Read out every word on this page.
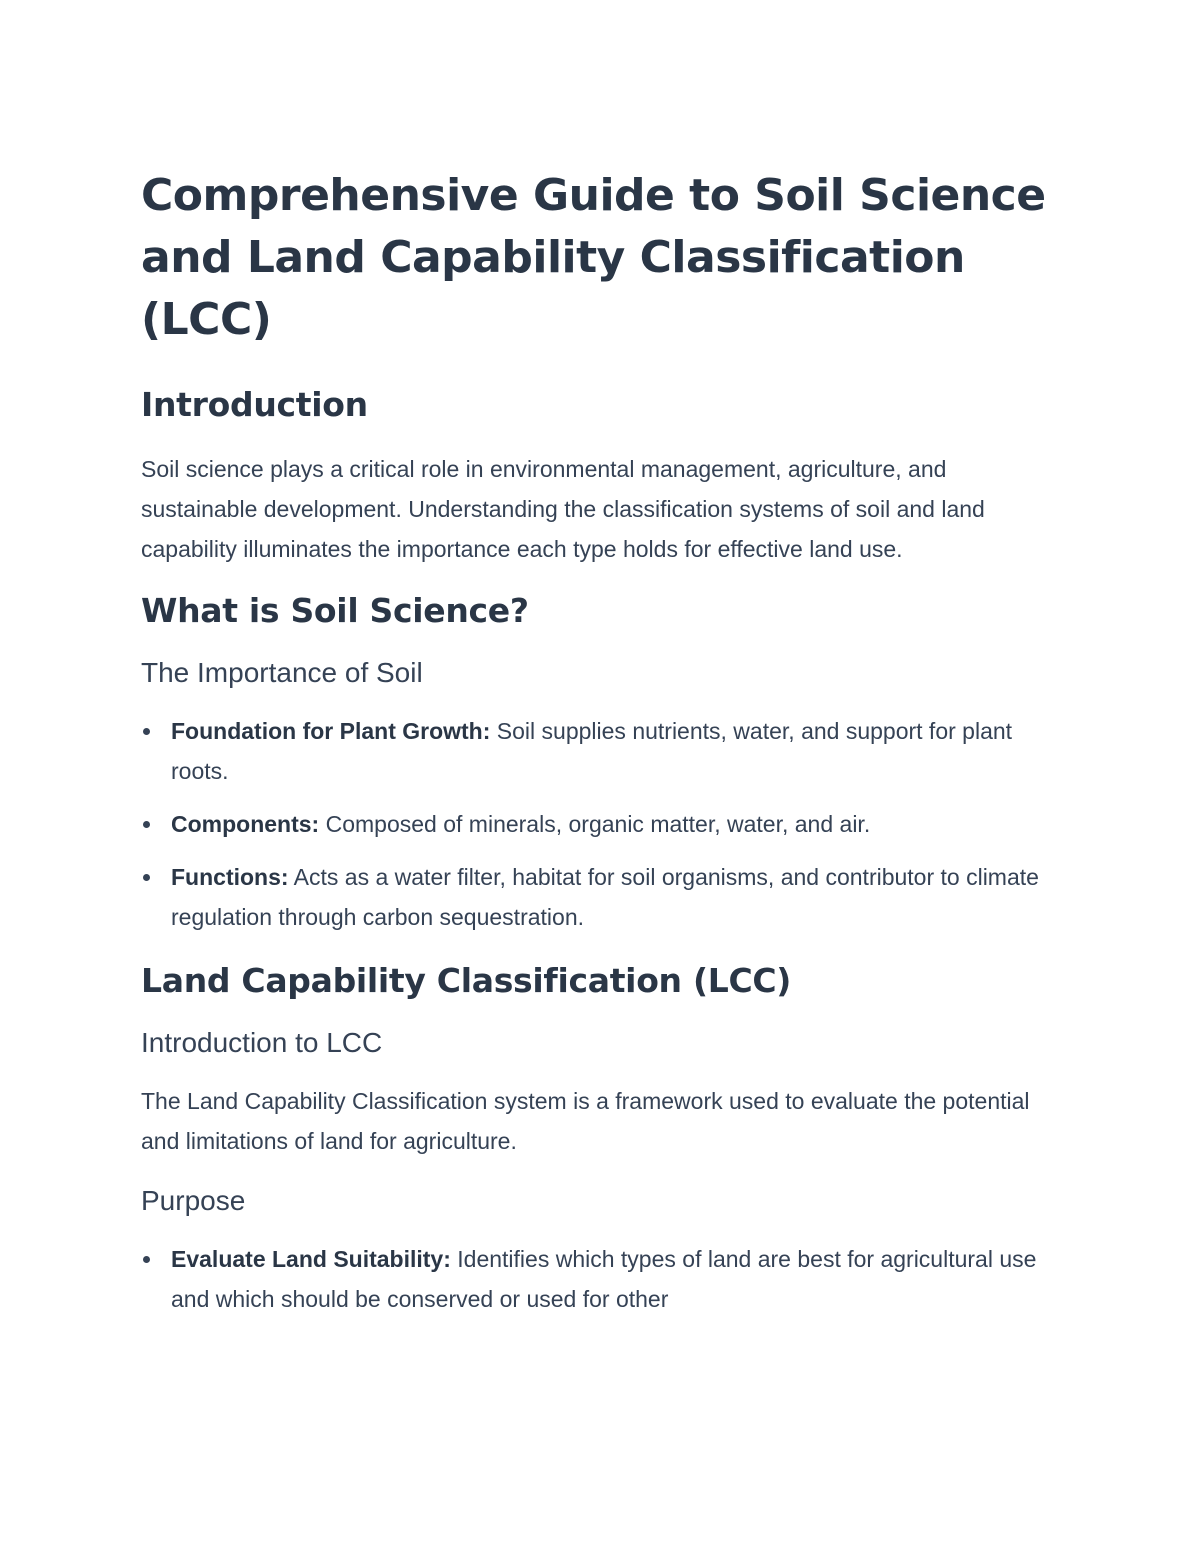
Comprehensive Guide to Soil Science and Land Capability Classification (LCC)
Introduction

Soil science plays a critical role in environmental management, agriculture, and sustainable development. Understanding the classification systems of soil and land capability illuminates the importance each type holds for effective land use.

What is Soil Science?
The Importance of Soil
Foundation for Plant Growth: Soil supplies nutrients, water, and support for plant roots.
Components: Composed of minerals, organic matter, water, and air.
Functions: Acts as a water filter, habitat for soil organisms, and contributor to climate regulation through carbon sequestration.
Land Capability Classification (LCC)
Introduction to LCC

The Land Capability Classification system is a framework used to evaluate the potential and limitations of land for agriculture.

Purpose
Evaluate Land Suitability: Identifies which types of land are best for agricultural use and which should be conserved or used for other
